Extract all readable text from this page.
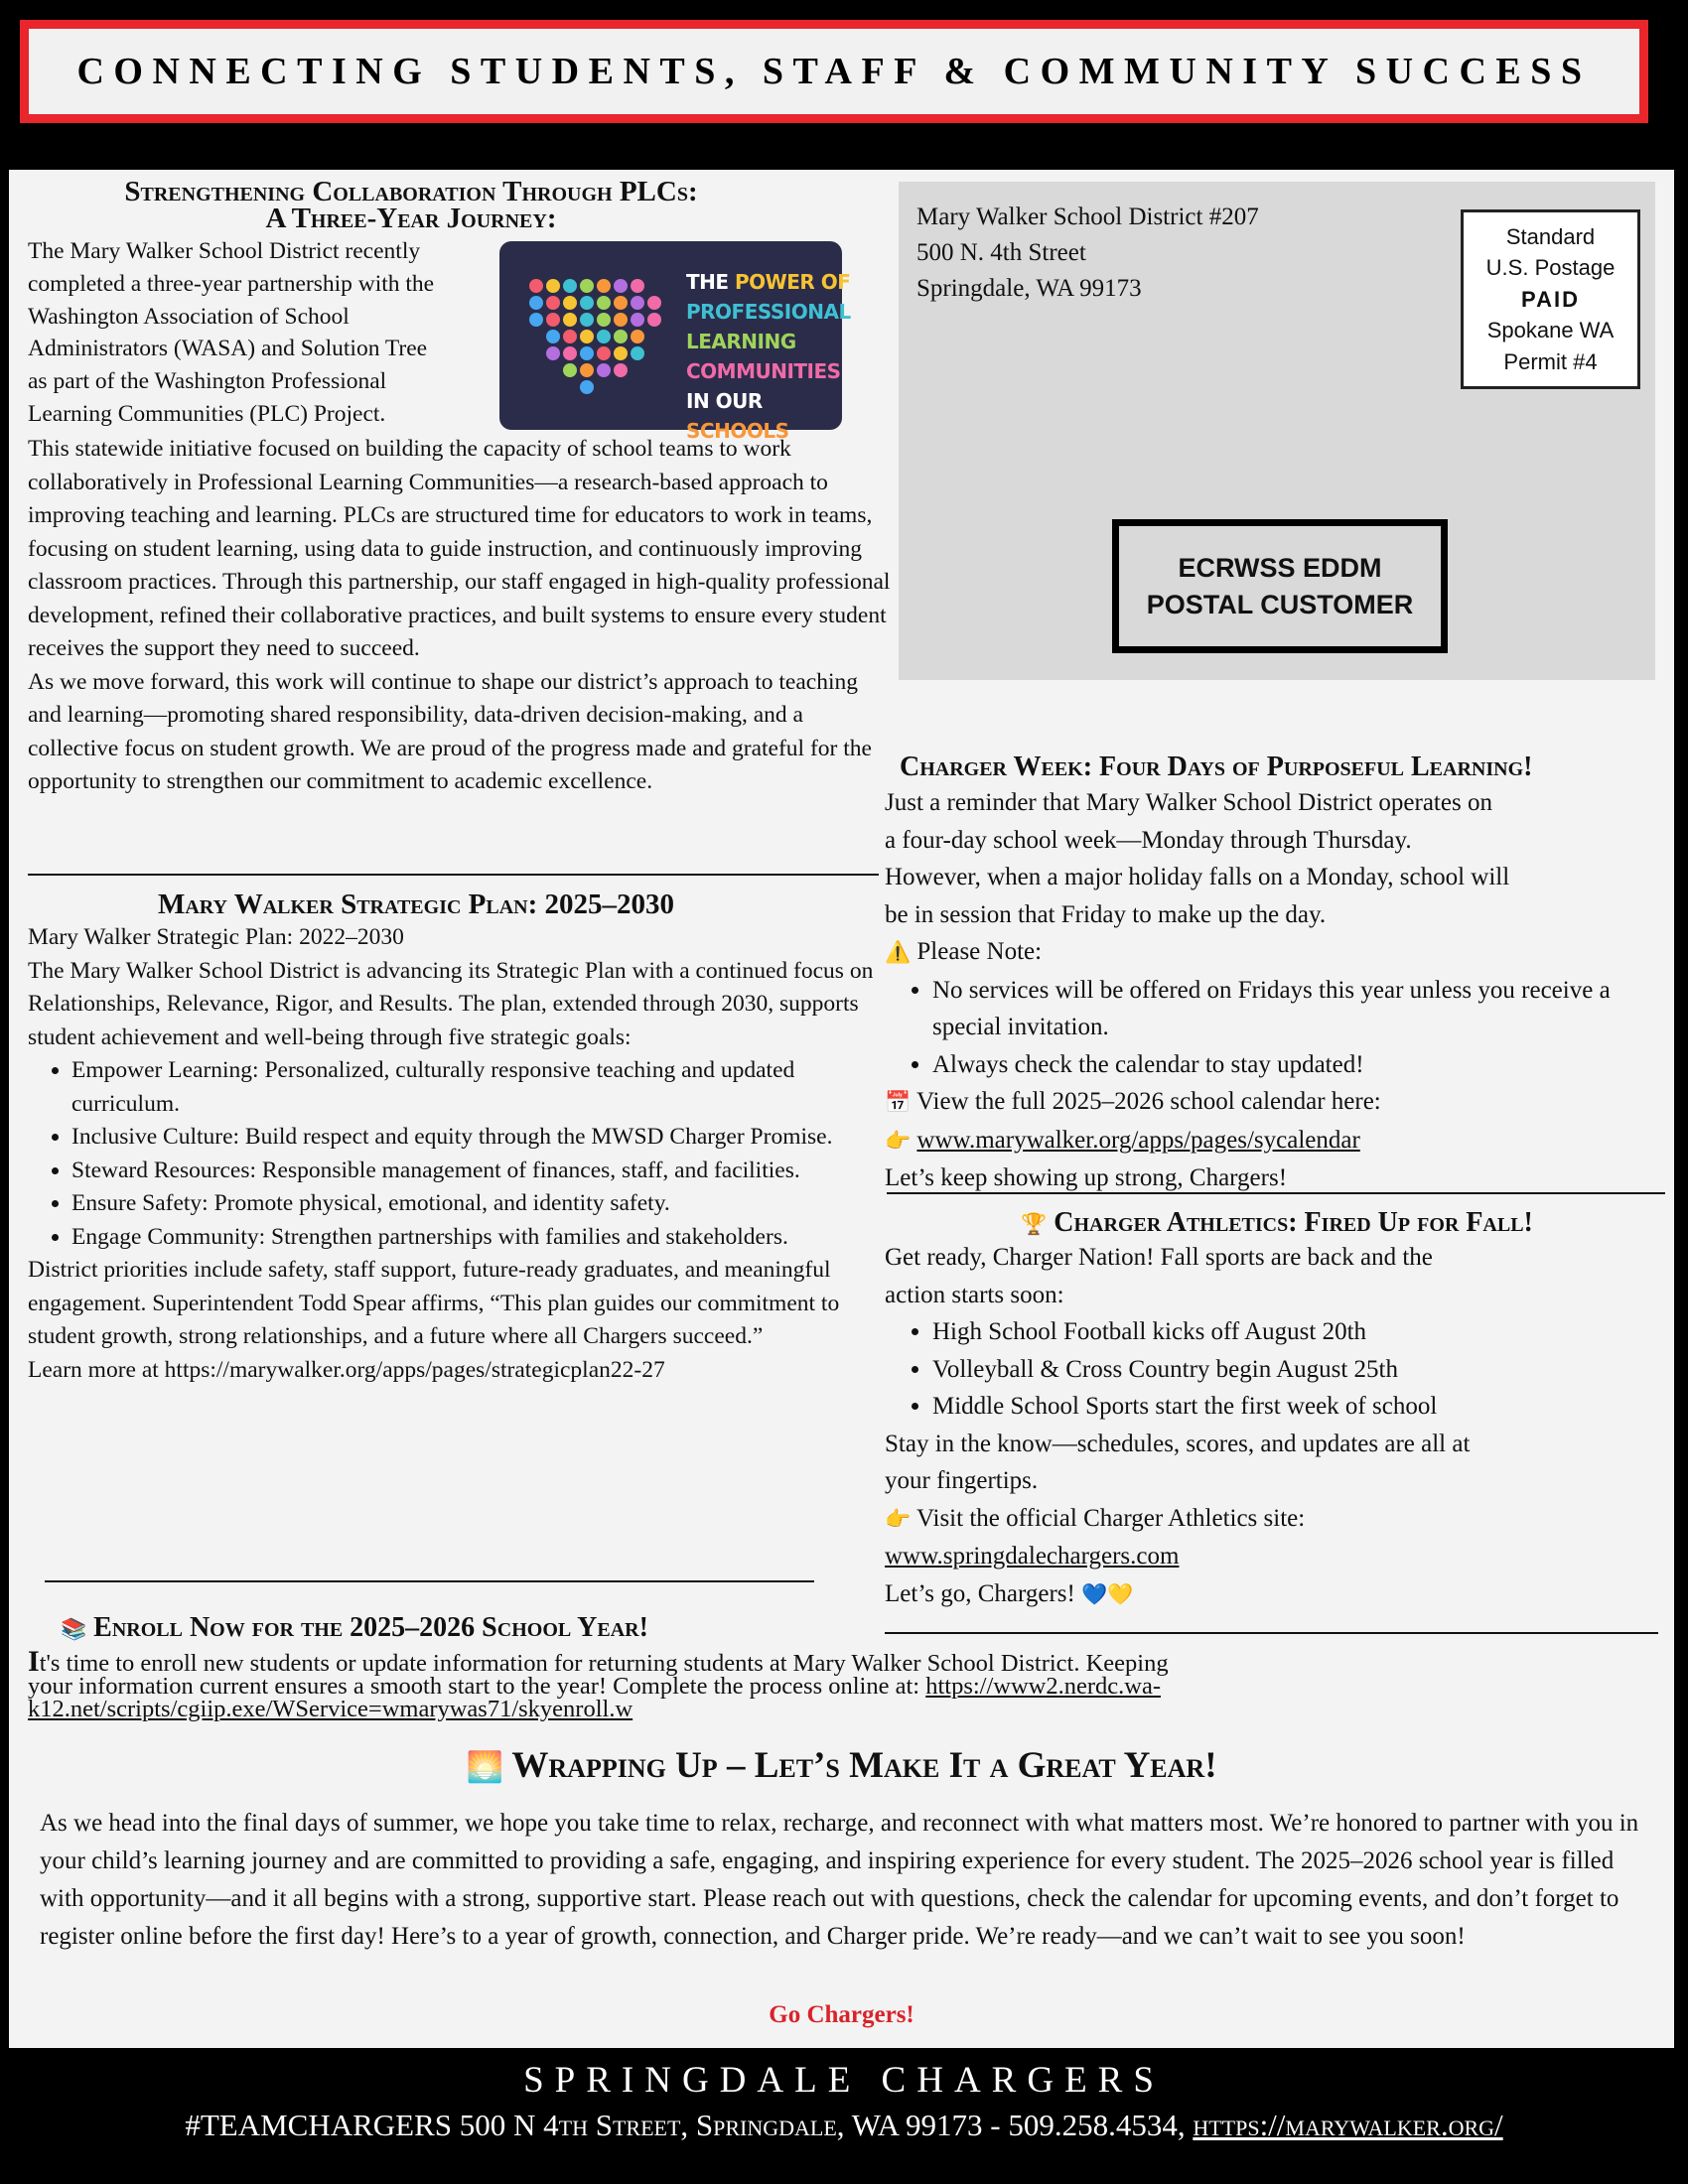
CONNECTING STUDENTS, STAFF & COMMUNITY SUCCESS
Strengthening Collaboration Through PLCs:
A Three-Year Journey:
The Mary Walker School District recently
completed a three-year partnership with the
Washington Association of School
Administrators (WASA) and Solution Tree
as part of the Washington Professional
Learning Communities (PLC) Project.
THE POWER OF
PROFESSIONAL
LEARNING
COMMUNITIES
IN OUR SCHOOLS

This statewide initiative focused on building the capacity of school teams to work collaboratively in Professional Learning Communities—a research-based approach to improving teaching and learning. PLCs are structured time for educators to work in teams, focusing on student learning, using data to guide instruction, and continuously improving classroom practices. Through this partnership, our staff engaged in high-quality professional development, refined their collaborative practices, and built systems to ensure every student receives the support they need to succeed.

As we move forward, this work will continue to shape our district’s approach to teaching and learning—promoting shared responsibility, data-driven decision-making, and a collective focus on student growth. We are proud of the progress made and grateful for the opportunity to strengthen our commitment to academic excellence.

Mary Walker Strategic Plan: 2025–2030

Mary Walker Strategic Plan: 2022–2030

The Mary Walker School District is advancing its Strategic Plan with a continued focus on Relationships, Relevance, Rigor, and Results. The plan, extended through 2030, supports student achievement and well-being through five strategic goals:

• Empower Learning: Personalized, culturally responsive teaching and updated curriculum.
• Inclusive Culture: Build respect and equity through the MWSD Charger Promise.
• Steward Resources: Responsible management of finances, staff, and facilities.
• Ensure Safety: Promote physical, emotional, and identity safety.
• Engage Community: Strengthen partnerships with families and stakeholders.

District priorities include safety, staff support, future-ready graduates, and meaningful engagement. Superintendent Todd Spear affirms, “This plan guides our commitment to student growth, strong relationships, and a future where all Chargers succeed.”

Learn more at https://marywalker.org/apps/pages/strategicplan22-27

Mary Walker School District #207
500 N. 4th Street
Springdale, WA 99173
Standard
U.S. Postage
PAID
Spokane WA
Permit #4
ECRWSS EDDM
POSTAL CUSTOMER
Charger Week: Four Days of Purposeful Learning!
Just a reminder that Mary Walker School District operates on
a four-day school week—Monday through Thursday.
However, when a major holiday falls on a Monday, school will
be in session that Friday to make up the day.
⚠️ Please Note:
• No services will be offered on Fridays this year unless you receive a special invitation.
• Always check the calendar to stay updated!
📅 View the full 2025–2026 school calendar here:
👉 www.marywalker.org/apps/pages/sycalendar
Let’s keep showing up strong, Chargers!
🏆 Charger Athletics: Fired Up for Fall!
Get ready, Charger Nation! Fall sports are back and the
action starts soon:
• High School Football kicks off August 20th
• Volleyball & Cross Country begin August 25th
• Middle School Sports start the first week of school
Stay in the know—schedules, scores, and updates are all at
your fingertips.
👉 Visit the official Charger Athletics site:
www.springdalechargers.com
Let’s go, Chargers! 💙💛
📚 Enroll Now for the 2025–2026 School Year!
It's time to enroll new students or update information for returning students at Mary Walker School District. Keeping
your information current ensures a smooth start to the year! Complete the process online at: https://www2.nerdc.wa-
k12.net/scripts/cgiip.exe/WService=wmarywas71/skyenroll.w
🌅 Wrapping Up – Let’s Make It a Great Year!

As we head into the final days of summer, we hope you take time to relax, recharge, and reconnect with what matters most. We’re honored to partner with you in your child’s learning journey and are committed to providing a safe, engaging, and inspiring experience for every student. The 2025–2026 school year is filled with opportunity—and it all begins with a strong, supportive start. Please reach out with questions, check the calendar for upcoming events, and don’t forget to register online before the first day! Here’s to a year of growth, connection, and Charger pride. We’re ready—and we can’t wait to see you soon!

Go Chargers!
SPRINGDALE CHARGERS
#TEAMCHARGERS 500 N 4th Street, Springdale, WA 99173 - 509.258.4534, https://marywalker.org/
